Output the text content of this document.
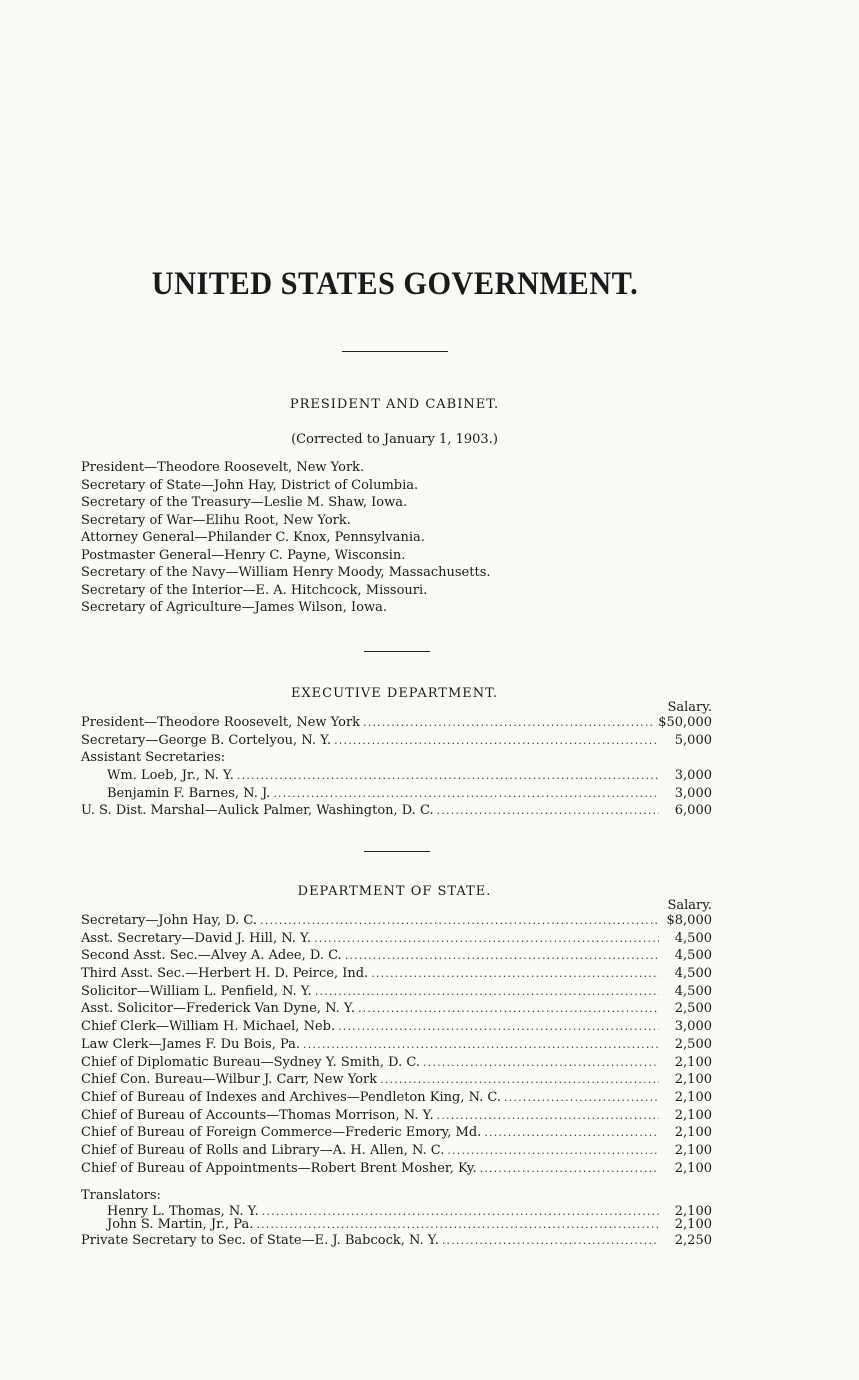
UNITED STATES GOVERNMENT.
PRESIDENT AND CABINET.
(Corrected to January 1, 1903.)
President—Theodore Roosevelt, New York.
Secretary of State—John Hay, District of Columbia.
Secretary of the Treasury—Leslie M. Shaw, Iowa.
Secretary of War—Elihu Root, New York.
Attorney General—Philander C. Knox, Pennsylvania.
Postmaster General—Henry C. Payne, Wisconsin.
Secretary of the Navy—William Henry Moody, Massachusetts.
Secretary of the Interior—E. A. Hitchcock, Missouri.
Secretary of Agriculture—James Wilson, Iowa.
EXECUTIVE DEPARTMENT.
Salary.
President—Theodore Roosevelt, New York .....	$50,000
Secretary—George B. Cortelyou, N. Y. .....	5,000
Assistant Secretaries:
Wm. Loeb, Jr., N. Y. .....	3,000
Benjamin F. Barnes, N. J. .....	3,000
U. S. Dist. Marshal—Aulick Palmer, Washington, D. C. .....	6,000
DEPARTMENT OF STATE.
Salary.
Secretary—John Hay, D. C. .....	$8,000
Asst. Secretary—David J. Hill, N. Y. .....	4,500
Second Asst. Sec.—Alvey A. Adee, D. C. .....	4,500
Third Asst. Sec.—Herbert H. D. Peirce, Ind. .....	4,500
Solicitor—William L. Penfield, N. Y. .....	4,500
Asst. Solicitor—Frederick Van Dyne, N. Y. .....	2,500
Chief Clerk—William H. Michael, Neb. .....	3,000
Law Clerk—James F. Du Bois, Pa. .....	2,500
Chief of Diplomatic Bureau—Sydney Y. Smith, D. C. .....	2,100
Chief Con. Bureau—Wilbur J. Carr, New York .....	2,100
Chief of Bureau of Indexes and Archives—Pendleton King, N. C. .....	2,100
Chief of Bureau of Accounts—Thomas Morrison, N. Y. .....	2,100
Chief of Bureau of Foreign Commerce—Frederic Emory, Md. .....	2,100
Chief of Bureau of Rolls and Library—A. H. Allen, N. C. .....	2,100
Chief of Bureau of Appointments—Robert Brent Mosher, Ky. .....	2,100
Translators:
Henry L. Thomas, N. Y. .....	2,100
John S. Martin, Jr., Pa. .....	2,100
Private Secretary to Sec. of State—E. J. Babcock, N. Y. .....	2,250
